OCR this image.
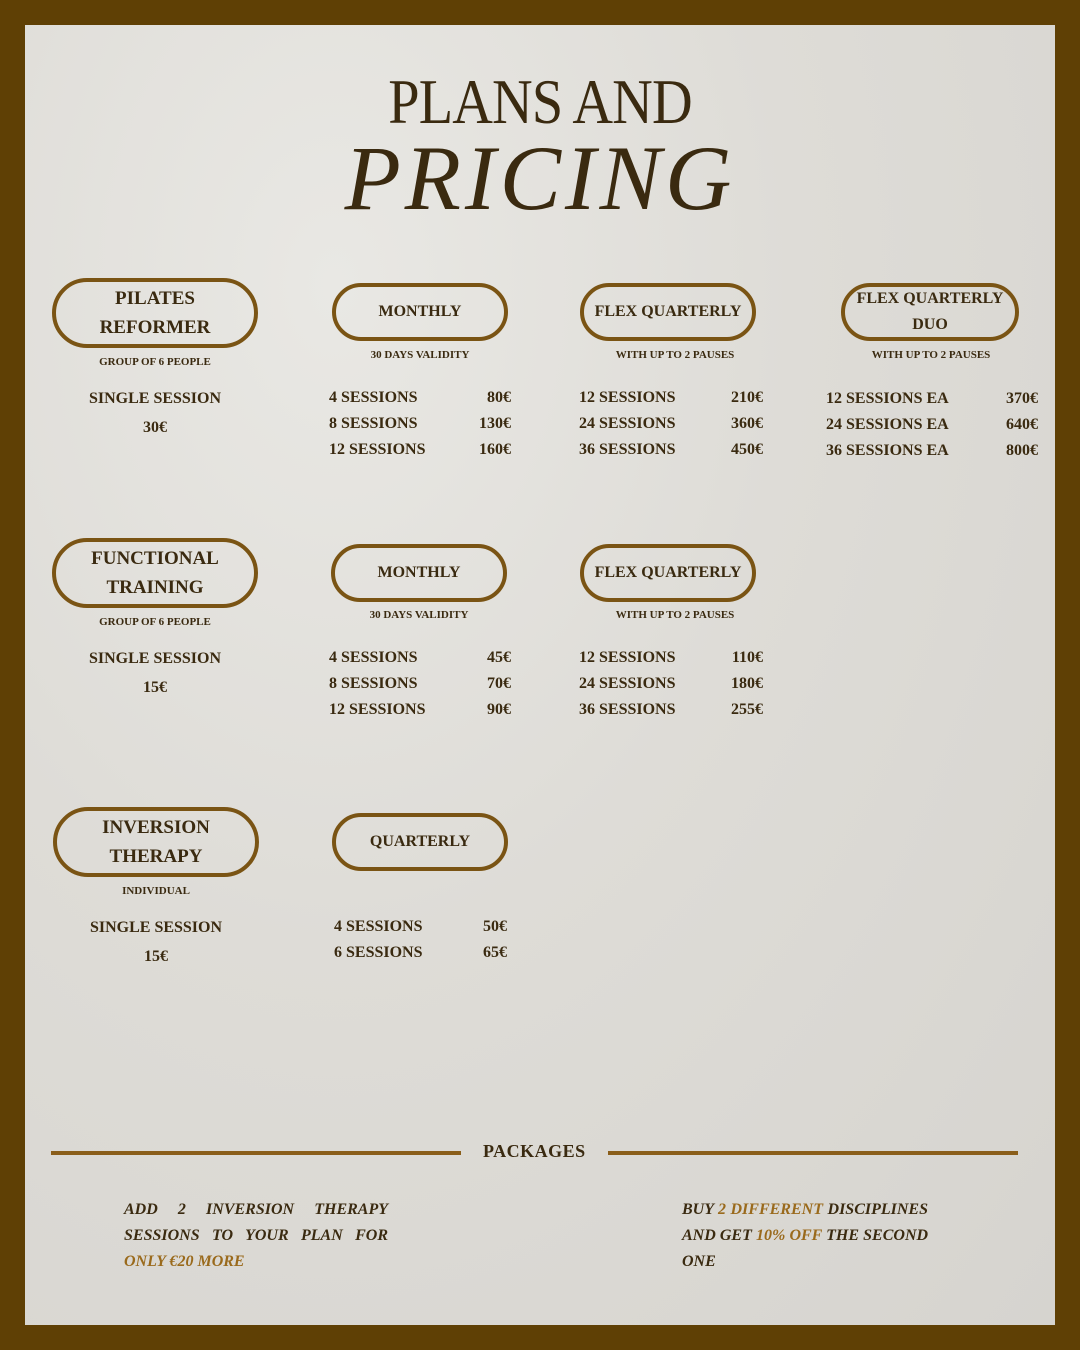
PLANS AND
PRICING
PILATES REFORMER
GROUP OF 6 PEOPLE
SINGLE SESSION
30€
MONTHLY
30 DAYS VALIDITY
4 SESSIONS	80€
8 SESSIONS	130€
12 SESSIONS	160€
FLEX QUARTERLY
WITH UP TO 2 PAUSES
12 SESSIONS	210€
24 SESSIONS	360€
36 SESSIONS	450€
FLEX QUARTERLY DUO
WITH UP TO 2 PAUSES
12 SESSIONS EA	370€
24 SESSIONS EA	640€
36 SESSIONS EA	800€
FUNCTIONAL TRAINING
GROUP OF 6 PEOPLE
SINGLE SESSION
15€
MONTHLY
30 DAYS VALIDITY
4 SESSIONS	45€
8 SESSIONS	70€
12 SESSIONS	90€
FLEX QUARTERLY
WITH UP TO 2 PAUSES
12 SESSIONS	110€
24 SESSIONS	180€
36 SESSIONS	255€
INVERSION THERAPY
INDIVIDUAL
SINGLE SESSION
15€
QUARTERLY
4 SESSIONS	50€
6 SESSIONS	65€
PACKAGES
ADD 2 INVERSION THERAPY SESSIONS TO YOUR PLAN FOR ONLY €20 MORE
BUY 2 DIFFERENT DISCIPLINES AND GET 10% OFF THE SECOND ONE
